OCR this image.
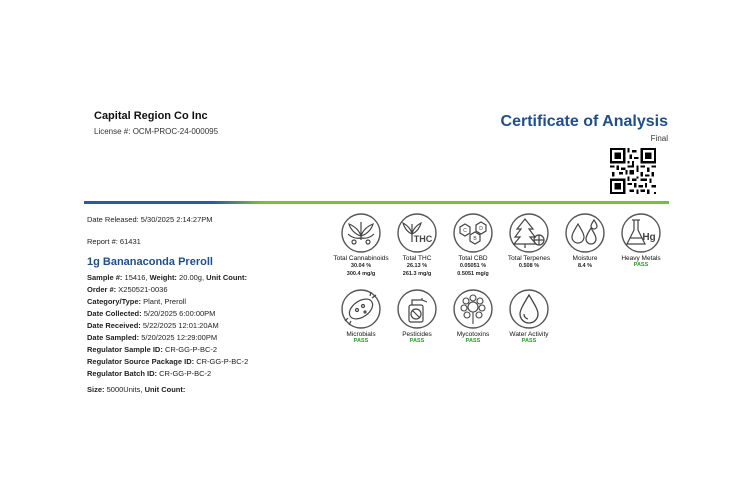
Capital Region Co Inc
License #: OCM-PROC-24-000095
Certificate of Analysis
Final
Date Released: 5/30/2025 2:14:27PM
Report #: 61431
1g Bananaconda Preroll
Sample #: 15416, Weight: 20.00g, Unit Count:
Order #: X250521-0036
Category/Type: Plant, Preroll
Date Collected: 5/20/2025 6:00:00PM
Date Received: 5/22/2025 12:01:20AM
Date Sampled: 5/20/2025 12:29:00PM
Regulator Sample ID: CR-GG-P-BC-2
Regulator Source Package ID: CR-GG-P-BC-2
Regulator Batch ID: CR-GG-P-BC-2
Size: 5000Units, Unit Count:
Total Cannabinoids
30.04 %
300.4 mg/g
THC
Total THC
26.13 %
261.3 mg/g
C
B
D
Total CBD
0.05051 %
0.5051 mg/g
Total Terpenes
0.508 %
Moisture
8.4 %
Hg
Heavy Metals
PASS
Microbials
PASS
Pesticides
PASS
Mycotoxins
PASS
Water Activity
PASS
